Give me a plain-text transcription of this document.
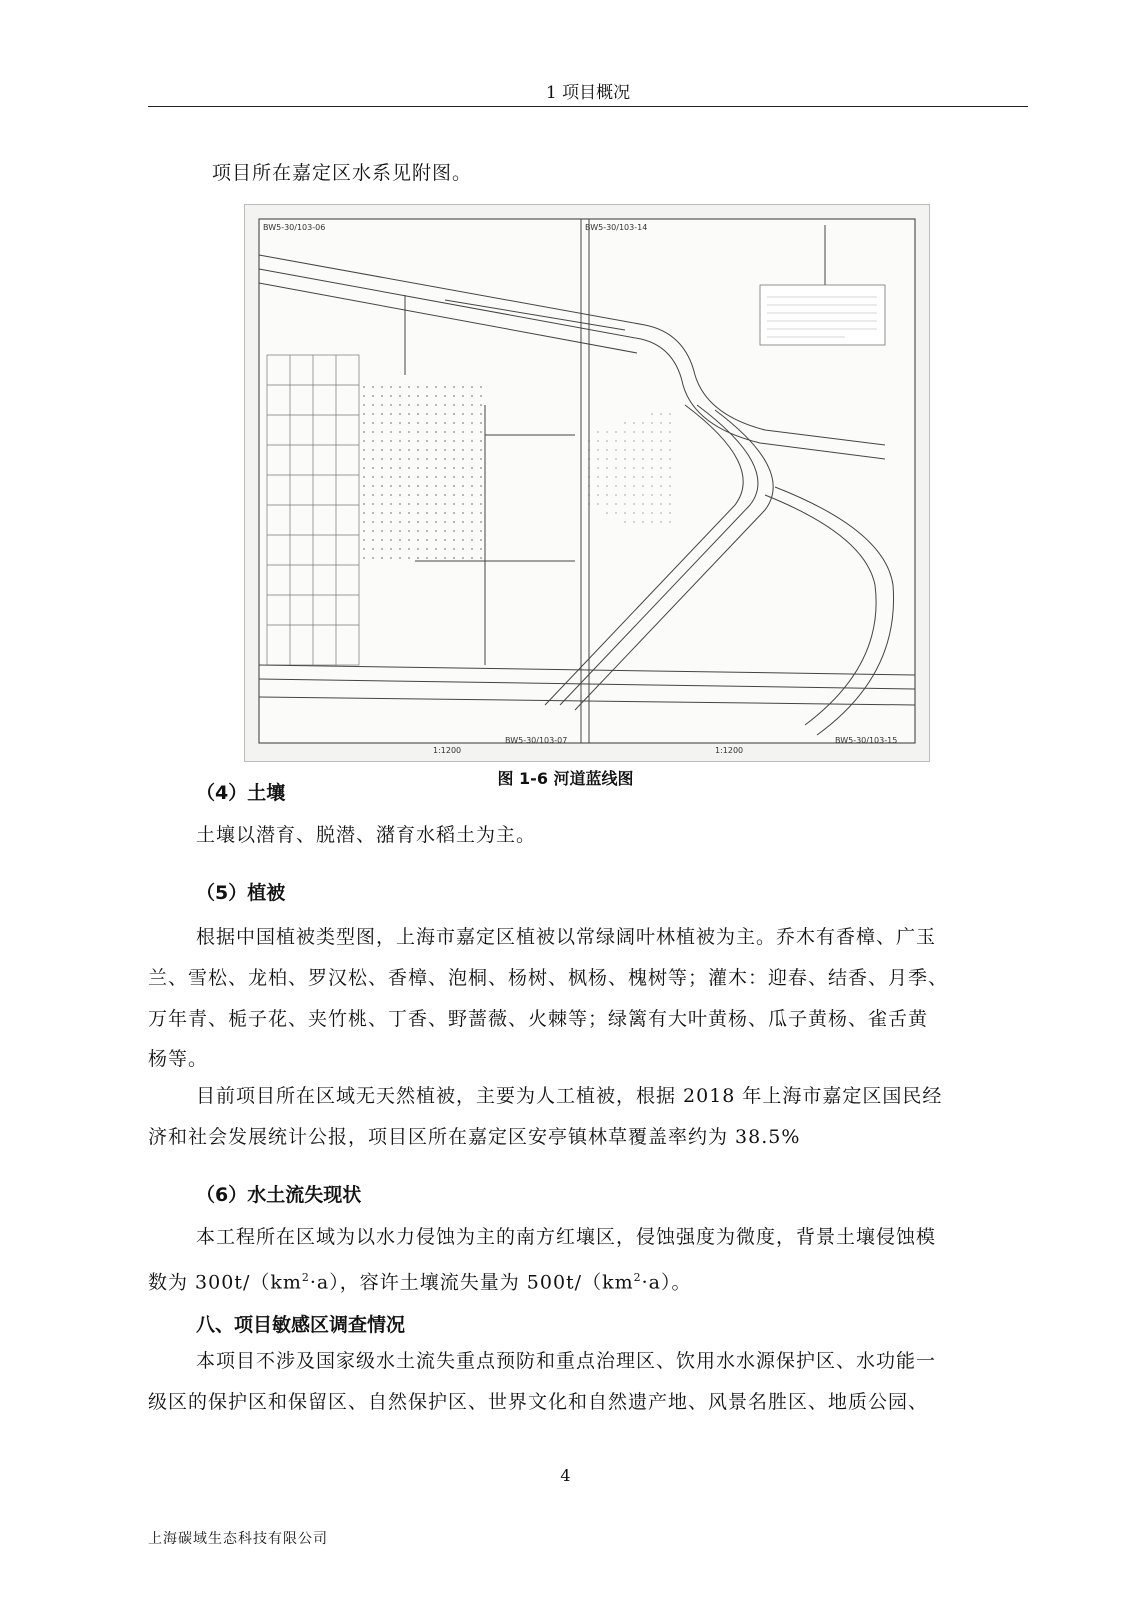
1 项目概况
项目所在嘉定区水系见附图。
BW5-30/103-06	BW5-30/103-14
1:1200	1:1200
BW5-30/103-07	BW5-30/103-15
图 1-6 河道蓝线图
（4）土壤
土壤以潜育、脱潜、潴育水稻土为主。
（5）植被
根据中国植被类型图，上海市嘉定区植被以常绿阔叶林植被为主。乔木有香樟、广玉
兰、雪松、龙柏、罗汉松、香樟、泡桐、杨树、枫杨、槐树等；灌木：迎春、结香、月季、
万年青、栀子花、夹竹桃、丁香、野蔷薇、火棘等；绿篱有大叶黄杨、瓜子黄杨、雀舌黄
杨等。
目前项目所在区域无天然植被，主要为人工植被，根据 2018 年上海市嘉定区国民经
济和社会发展统计公报，项目区所在嘉定区安亭镇林草覆盖率约为 38.5%
（6）水土流失现状
本工程所在区域为以水力侵蚀为主的南方红壤区，侵蚀强度为微度，背景土壤侵蚀模
数为 $300t/(km^2\cdot a)$，容许土壤流失量为 $500t/(km^2\cdot a)$。
八、项目敏感区调查情况
本项目不涉及国家级水土流失重点预防和重点治理区、饮用水水源保护区、水功能一
级区的保护区和保留区、自然保护区、世界文化和自然遗产地、风景名胜区、地质公园、
4
上海碳域生态科技有限公司
